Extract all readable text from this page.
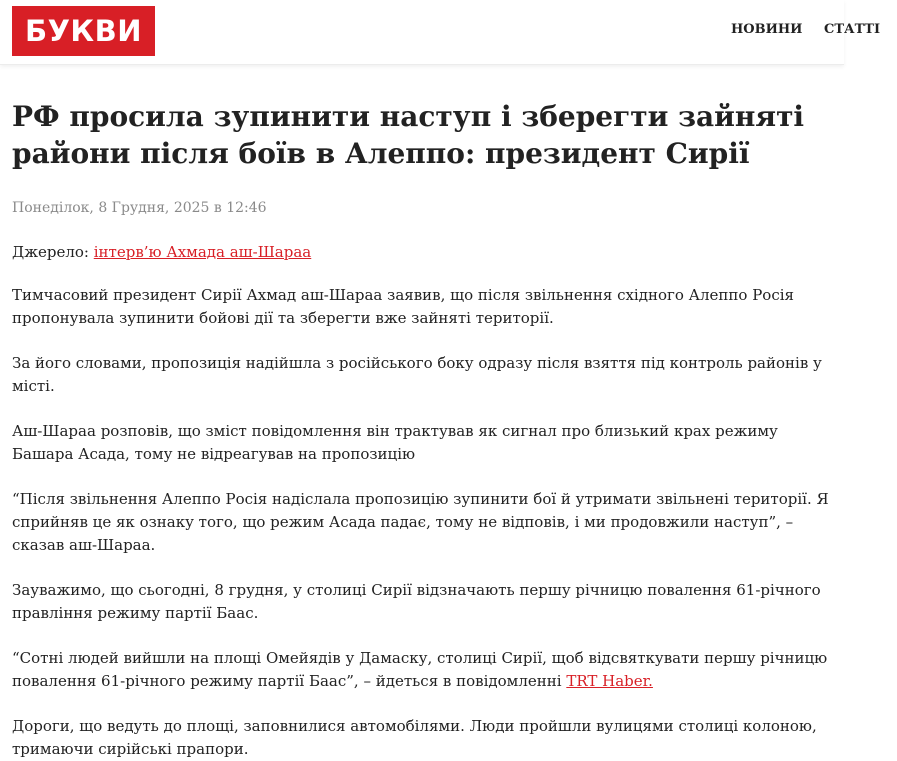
БУКВИ	НОВИНИ СТАТТІ
РФ просила зупинити наступ і зберегти зайняті райони після боїв в Алеппо: президент Сирії
Понеділок, 8 Грудня, 2025 в 12:46
Джерело: інтерв’ю Ахмада аш-Шараа

Тимчасовий президент Сирії Ахмад аш-Шараа заявив, що після звільнення східного Алеппо Росія пропонувала зупинити бойові дії та зберегти вже зайняті території.

За його словами, пропозиція надійшла з російського боку одразу після взяття під контроль районів у місті.

Аш-Шараа розповів, що зміст повідомлення він трактував як сигнал про близький крах режиму Башара Асада, тому не відреагував на пропозицію

“Після звільнення Алеппо Росія надіслала пропозицію зупинити бої й утримати звільнені території. Я сприйняв це як ознаку того, що режим Асада падає, тому не відповів, і ми продовжили наступ”, – сказав аш-Шараа.

Зауважимо, що сьогодні, 8 грудня, у столиці Сирії відзначають першу річницю повалення 61-річного правління режиму партії Баас.

“Сотні людей вийшли на площі Омейядів у Дамаску, столиці Сирії, щоб відсвяткувати першу річницю повалення 61-річного режиму партії Баас”, – йдеться в повідомленні TRT Haber.

Дороги, що ведуть до площі, заповнилися автомобілями. Люди пройшли вулицями столиці колоною, тримаючи сирійські прапори.
